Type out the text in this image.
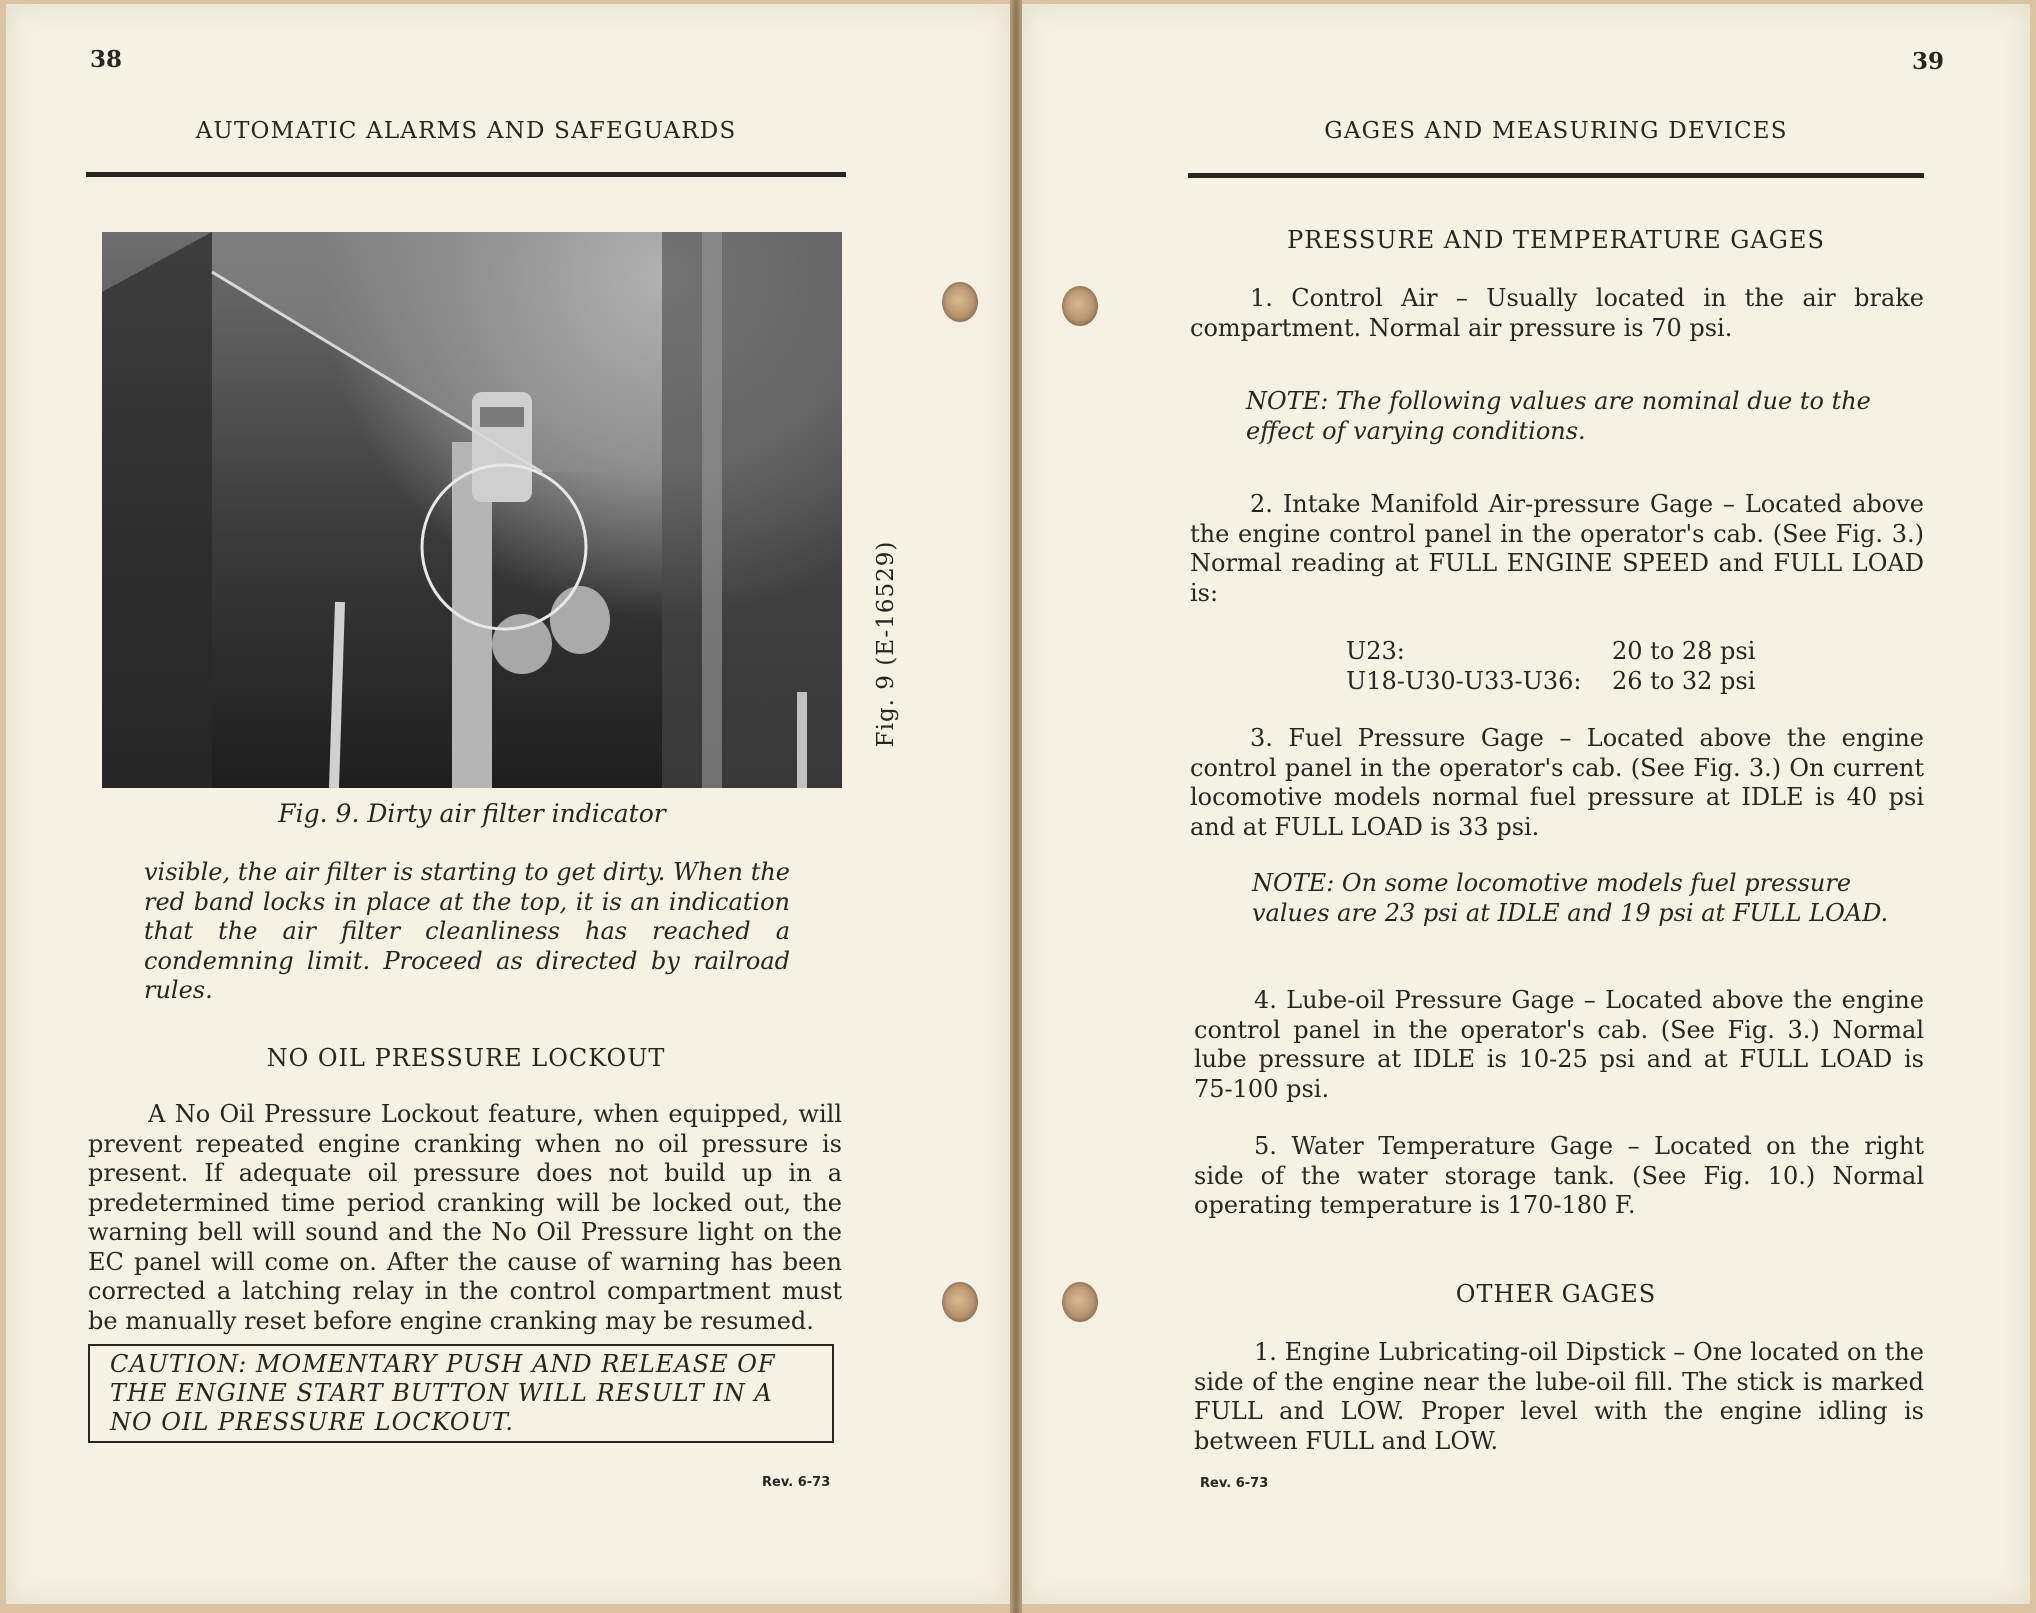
38
AUTOMATIC ALARMS AND SAFEGUARDS
Fig. 9. Dirty air filter indicator
visible, the air filter is starting to get dirty. When the red band locks in place at the top, it is an indication that the air filter cleanliness has reached a condemning limit. Proceed as directed by railroad rules.
NO OIL PRESSURE LOCKOUT

A No Oil Pressure Lockout feature, when equipped, will prevent repeated engine cranking when no oil pressure is present. If adequate oil pressure does not build up in a predetermined time period cranking will be locked out, the warning bell will sound and the No Oil Pressure light on the EC panel will come on. After the cause of warning has been corrected a latching relay in the control compartment must be manually reset before engine cranking may be resumed.

CAUTION: MOMENTARY PUSH AND RELEASE OF THE ENGINE START BUTTON WILL RESULT IN A NO OIL PRESSURE LOCKOUT.
Rev. 6-73
Fig. 9 (E-16529)
39
GAGES AND MEASURING DEVICES
PRESSURE AND TEMPERATURE GAGES

1. Control Air – Usually located in the air brake compartment. Normal air pressure is 70 psi.

NOTE: The following values are nominal due to the effect of varying conditions.

2. Intake Manifold Air-pressure Gage – Located above the engine control panel in the operator's cab. (See Fig. 3.) Normal reading at FULL ENGINE SPEED and FULL LOAD is:

U23:	20 to 28 psi
U18-U30-U33-U36: 26 to 32 psi

3. Fuel Pressure Gage – Located above the engine control panel in the operator's cab. (See Fig. 3.) On current locomotive models normal fuel pressure at IDLE is 40 psi and at FULL LOAD is 33 psi.

NOTE: On some locomotive models fuel pressure values are 23 psi at IDLE and 19 psi at FULL LOAD.

4. Lube-oil Pressure Gage – Located above the engine control panel in the operator's cab. (See Fig. 3.) Normal lube pressure at IDLE is 10-25 psi and at FULL LOAD is 75-100 psi.

5. Water Temperature Gage – Located on the right side of the water storage tank. (See Fig. 10.) Normal operating temperature is 170-180 F.

OTHER GAGES

1. Engine Lubricating-oil Dipstick – One located on the side of the engine near the lube-oil fill. The stick is marked FULL and LOW. Proper level with the engine idling is between FULL and LOW.

Rev. 6-73
